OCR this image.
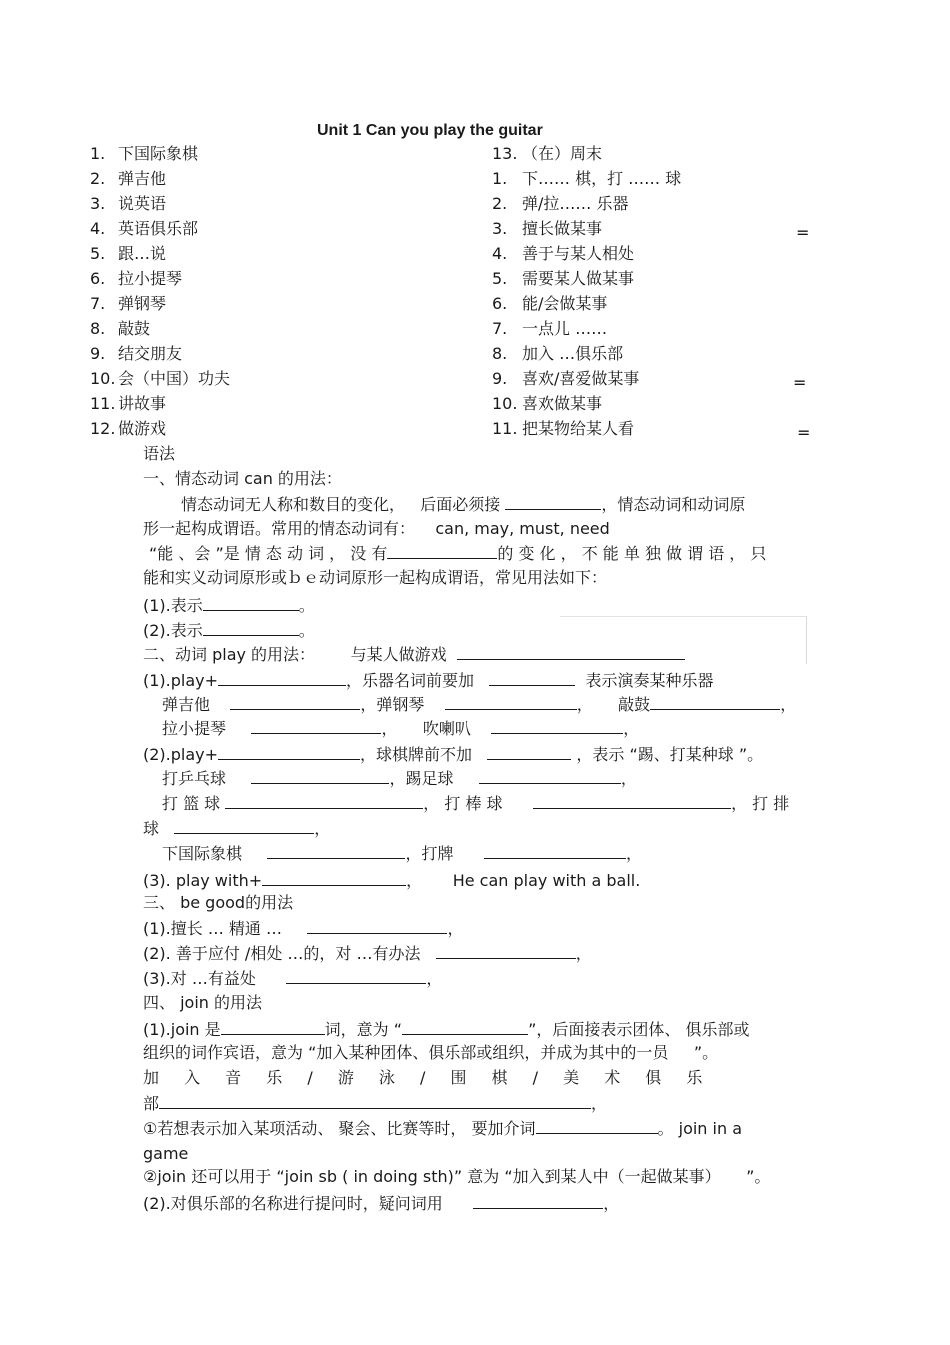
Unit 1 Can you play the guitar
1. 下国际象棋
2. 弹吉他
3. 说英语
4. 英语俱乐部
5. 跟…说
6. 拉小提琴
7. 弹钢琴
8. 敲鼓
9. 结交朋友
10. 会（中国）功夫
11. 讲故事
12. 做游戏
13. （在）周末
1. 下…… 棋，打 …… 球
2. 弹/拉…… 乐器
3. 擅长做某事
4. 善于与某人相处
5. 需要某人做某事
6. 能/会做某事
7. 一点儿 ……
8. 加入 …俱乐部
9. 喜欢/喜爱做某事
10. 喜欢做某事
11. 把某物给某人看
=
=
=
语法
一、情态动词 can 的用法：
情态动词无人称和数目的变化， 后面必须接	，情态动词和动词原
形一起构成谓语。常用的情态动词有： can, may, must, need
“能 、会 ”是 情 态 动 词 ， 没 有	的 变 化 ， 不 能 单 独 做 谓 语 ， 只
能和实义动词原形或ｂｅ动词原形一起构成谓语，常见用法如下：
(1).表示	。
(2).表示	。
二、动词 play 的用法： 与某人做游戏
(1).play+	，乐器名词前要加	表示演奏某种乐器
弹吉他	，弹钢琴	， 敲鼓	，
拉小提琴	， 吹喇叭	，
(2).play+	，球棋牌前不加	，表示 “踢、打某种球 ”。
打乒乓球	，踢足球	，
打 篮 球	， 打 棒 球	， 打 排
球	，
下国际象棋	，打牌	，
(3). play with+	， He can play with a ball.
三、 be good的用法
(1).擅长 … 精通 …	，
(2). 善于应付 /相处 …的，对 …有办法	，
(3).对 …有益处	，
四、 join 的用法
(1).join 是	词，意为 “	”，后面接表示团体、 俱乐部或
组织的词作宾语，意为 “加入某种团体、俱乐部或组织，并成为其中的一员 ”。
加 入 音 乐 / 游 泳 / 围 棋 / 美 术 俱 乐
部	，
①若想表示加入某项活动、 聚会、比赛等时， 要加介词	。 join in a
game
②join 还可以用于 “join sb ( in doing sth)” 意为 “加入到某人中（一起做某事） ”。
(2).对俱乐部的名称进行提问时，疑问词用	，
